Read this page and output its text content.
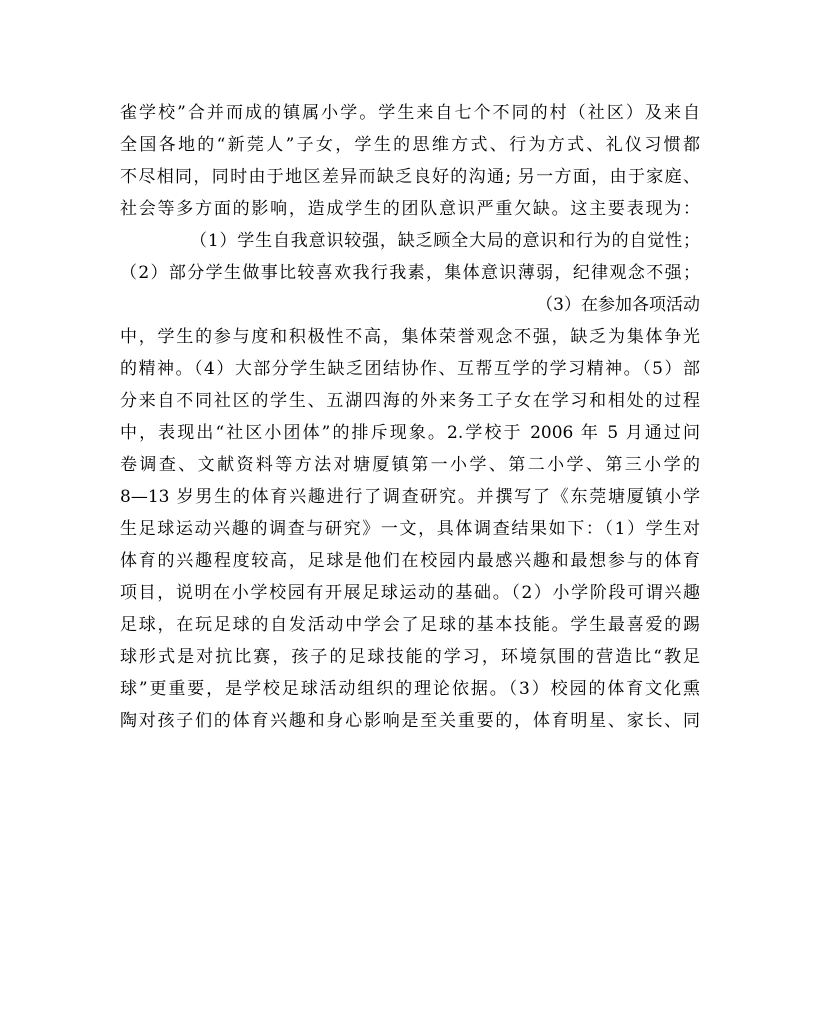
雀学校”合并而成的镇属小学。学生来自七个不同的村（社区）及来自
全国各地的“新莞人”子女，学生的思维方式、行为方式、礼仪习惯都
不尽相同，同时由于地区差异而缺乏良好的沟通; 另一方面，由于家庭、
社会等多方面的影响，造成学生的团队意识严重欠缺。这主要表现为：
（1）学生自我意识较强，缺乏顾全大局的意识和行为的自觉性；
（2）部分学生做事比较喜欢我行我素，集体意识薄弱，纪律观念不强；
（3）在参加各项活动
中，学生的参与度和积极性不高，集体荣誉观念不强，缺乏为集体争光
的精神。（4）大部分学生缺乏团结协作、互帮互学的学习精神。（5）部
分来自不同社区的学生、五湖四海的外来务工子女在学习和相处的过程
中，表现出“社区小团体”的排斥现象。2.学校于 2006 年 5 月通过问
卷调查、文献资料等方法对塘厦镇第一小学、第二小学、第三小学的
8—13 岁男生的体育兴趣进行了调查研究。并撰写了《东莞塘厦镇小学
生足球运动兴趣的调查与研究》一文，具体调查结果如下：（1）学生对
体育的兴趣程度较高，足球是他们在校园内最感兴趣和最想参与的体育
项目，说明在小学校园有开展足球运动的基础。（2）小学阶段可谓兴趣
足球，在玩足球的自发活动中学会了足球的基本技能。学生最喜爱的踢
球形式是对抗比赛，孩子的足球技能的学习，环境氛围的营造比“教足
球”更重要，是学校足球活动组织的理论依据。（3）校园的体育文化熏
陶对孩子们的体育兴趣和身心影响是至关重要的，体育明星、家长、同
